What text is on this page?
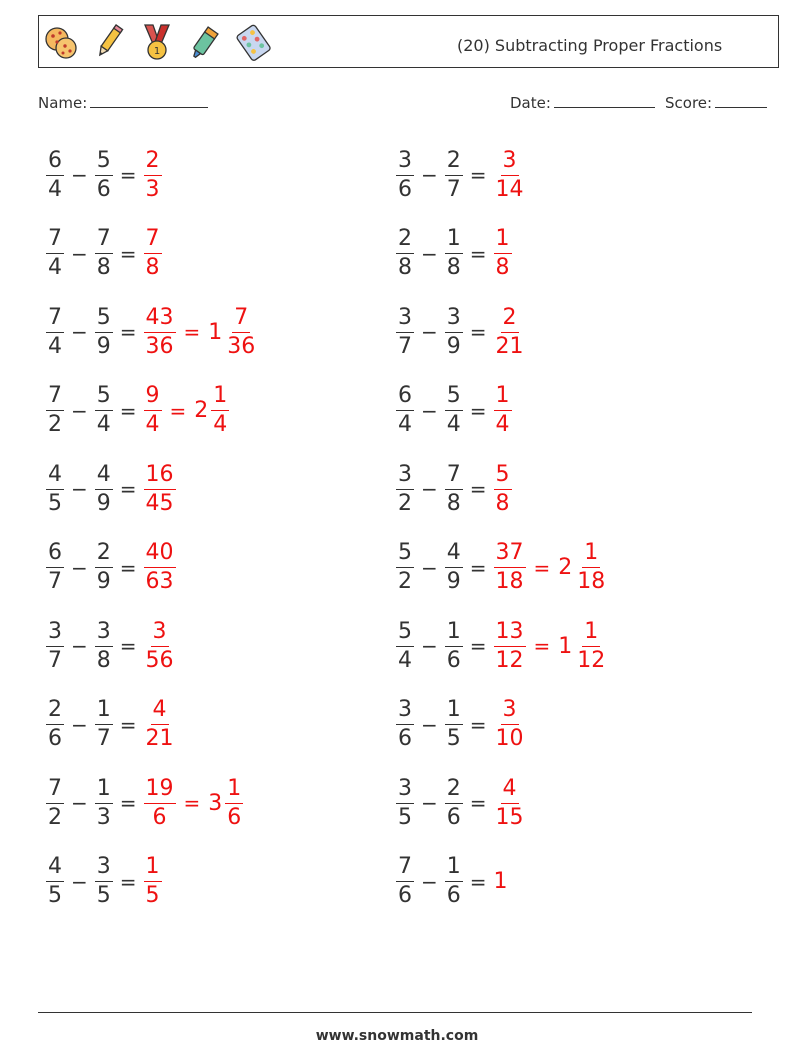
1	(20) Subtracting Proper Fractions
Name:	Date:	Score:
$\frac{6}{4} - \frac{5}{6} = \frac{2}{3}$	$\frac{3}{6} - \frac{2}{7} = \frac{3}{14}$
$\frac{7}{4} - \frac{7}{8} = \frac{7}{8}$	$\frac{2}{8} - \frac{1}{8} = \frac{1}{8}$
$\frac{7}{4} - \frac{5}{9} = \frac{43}{36} = 1 \frac{7}{36}$	$\frac{3}{7} - \frac{3}{9} = \frac{2}{21}$
$\frac{7}{2} - \frac{5}{4} = \frac{9}{4} = 2 \frac{1}{4}$	$\frac{6}{4} - \frac{5}{4} = \frac{1}{4}$
$\frac{4}{5} - \frac{4}{9} = \frac{16}{45}$	$\frac{3}{2} - \frac{7}{8} = \frac{5}{8}$
$\frac{6}{7} - \frac{2}{9} = \frac{40}{63}$	$\frac{5}{2} - \frac{4}{9} = \frac{37}{18} = 2 \frac{1}{18}$
$\frac{3}{7} - \frac{3}{8} = \frac{3}{56}$	$\frac{5}{4} - \frac{1}{6} = \frac{13}{12} = 1 \frac{1}{12}$
$\frac{2}{6} - \frac{1}{7} = \frac{4}{21}$	$\frac{3}{6} - \frac{1}{5} = \frac{3}{10}$
$\frac{7}{2} - \frac{1}{3} = \frac{19}{6} = 3 \frac{1}{6}$	$\frac{3}{5} - \frac{2}{6} = \frac{4}{15}$
$\frac{4}{5} - \frac{3}{5} = \frac{1}{5}$	$\frac{7}{6} - \frac{1}{6} = 1$
www.snowmath.com
